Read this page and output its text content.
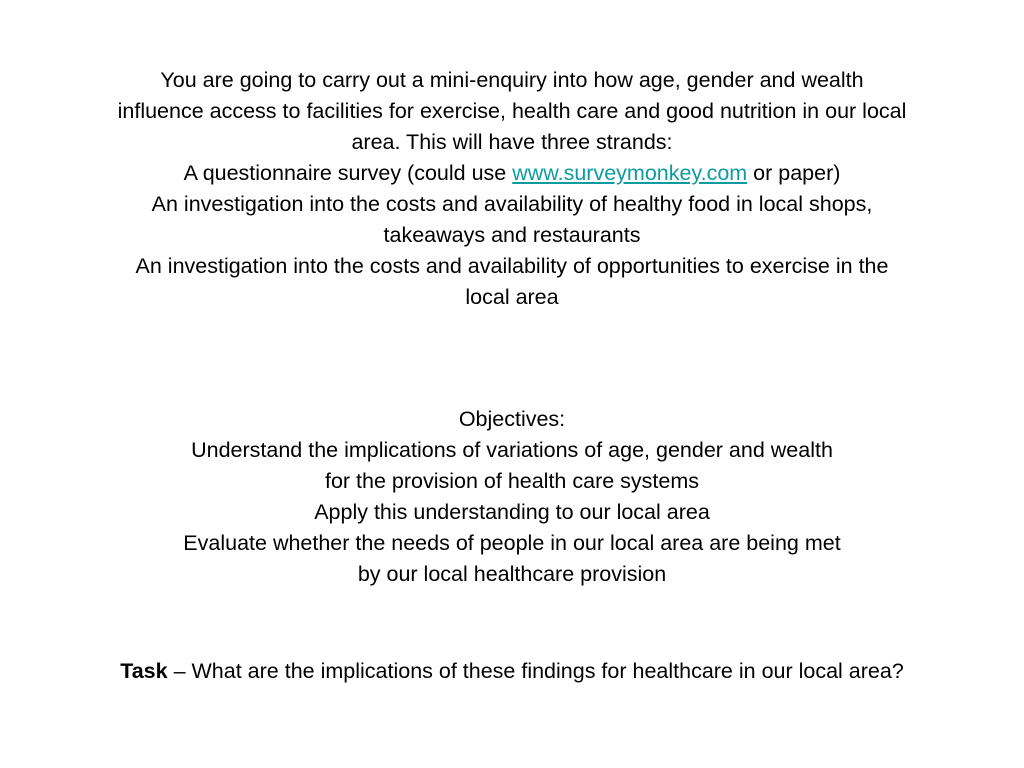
You are going to carry out a mini-enquiry into how age, gender and wealth
influence access to facilities for exercise, health care and good nutrition in our local
area. This will have three strands:
A questionnaire survey (could use www.surveymonkey.com or paper)
An investigation into the costs and availability of healthy food in local shops,
takeaways and restaurants
An investigation into the costs and availability of opportunities to exercise in the
local area
Objectives:
Understand the implications of variations of age, gender and wealth
for the provision of health care systems
Apply this understanding to our local area
Evaluate whether the needs of people in our local area are being met
by our local healthcare provision
Task – What are the implications of these findings for healthcare in our local area?
